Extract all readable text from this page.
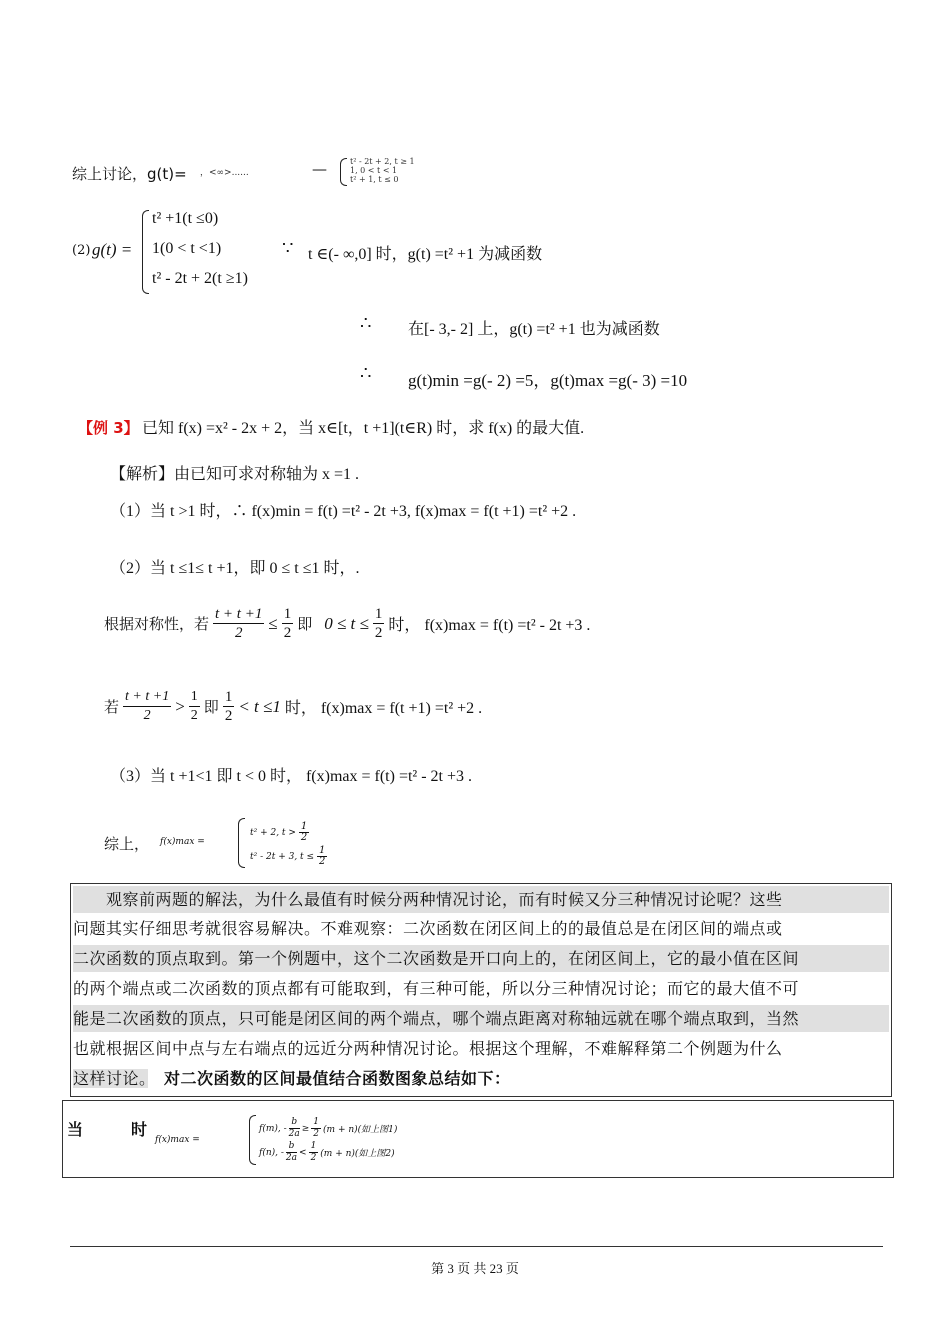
综上讨论，g(t)= ，<∞>......	—	t² - 2t + 2, t ≥ 1
1, 0 < t < 1
t² + 1, t ≤ 0
(2) g(t) =
t² +1(t ≤0)
1(0 < t <1)
t² - 2t + 2(t ≥1)
∵ t ∈(- ∞,0] 时，g(t) =t² +1 为减函数
∴ 在[- 3,- 2] 上，g(t) =t² +1 也为减函数
∴ g(t)min =g(- 2) =5，g(t)max =g(- 3) =10
【例 3】 已知 f(x) =x² - 2x + 2，当 x∈[t，t +1](t∈R) 时，求 f(x) 的最大值.
【解析】由已知可求对称轴为 x =1 .
（1）当 t >1 时，∴ f(x)min = f(t) =t² - 2t +3, f(x)max = f(t +1) =t² +2 .
（2）当 t ≤1≤ t +1，即 0 ≤ t ≤1 时，.
根据对称性，若 $\frac{t + t +1}{2} \le \frac{1}{2}$ 即 $0 \le t \le \frac{1}{2}$ 时， f(x)max = f(t) =t² - 2t +3 .
若 $\frac{t + t +1}{2} > \frac{1}{2}$ 即 $\frac{1}{2} < t \le 1$ 时， f(x)max = f(t +1) =t² +2 .
（3）当 t +1<1 即 t < 0 时， f(x)max = f(t) =t² - 2t +3 .
综上， f(x)max =
t² + 2, $t > \frac{1}{2}$
t² - 2t + 3, $t \le \frac{1}{2}$
　　观察前两题的解法，为什么最值有时候分两种情况讨论，而有时候又分三种情况讨论呢？这些
问题其实仔细思考就很容易解决。不难观察：二次函数在闭区间上的的最值总是在闭区间的端点或
二次函数的顶点取到。第一个例题中，这个二次函数是开口向上的，在闭区间上，它的最小值在区间
的两个端点或二次函数的顶点都有可能取到，有三种可能，所以分三种情况讨论；而它的最大值不可
能是二次函数的顶点，只可能是闭区间的两个端点，哪个端点距离对称轴远就在哪个端点取到，当然
也就根据区间中点与左右端点的远近分两种情况讨论。根据这个理解，不难解释第二个例题为什么
这样讨论。　对二次函数的区间最值结合函数图象总结如下：
当	时
f(x)max =
f(m), - $\frac{b}{2a} \ge \frac{1}{2} (m + n)$(如上图1)
f(n), - $\frac{b}{2a} < \frac{1}{2} (m + n)$(如上图2)
第 3 页 共 23 页
